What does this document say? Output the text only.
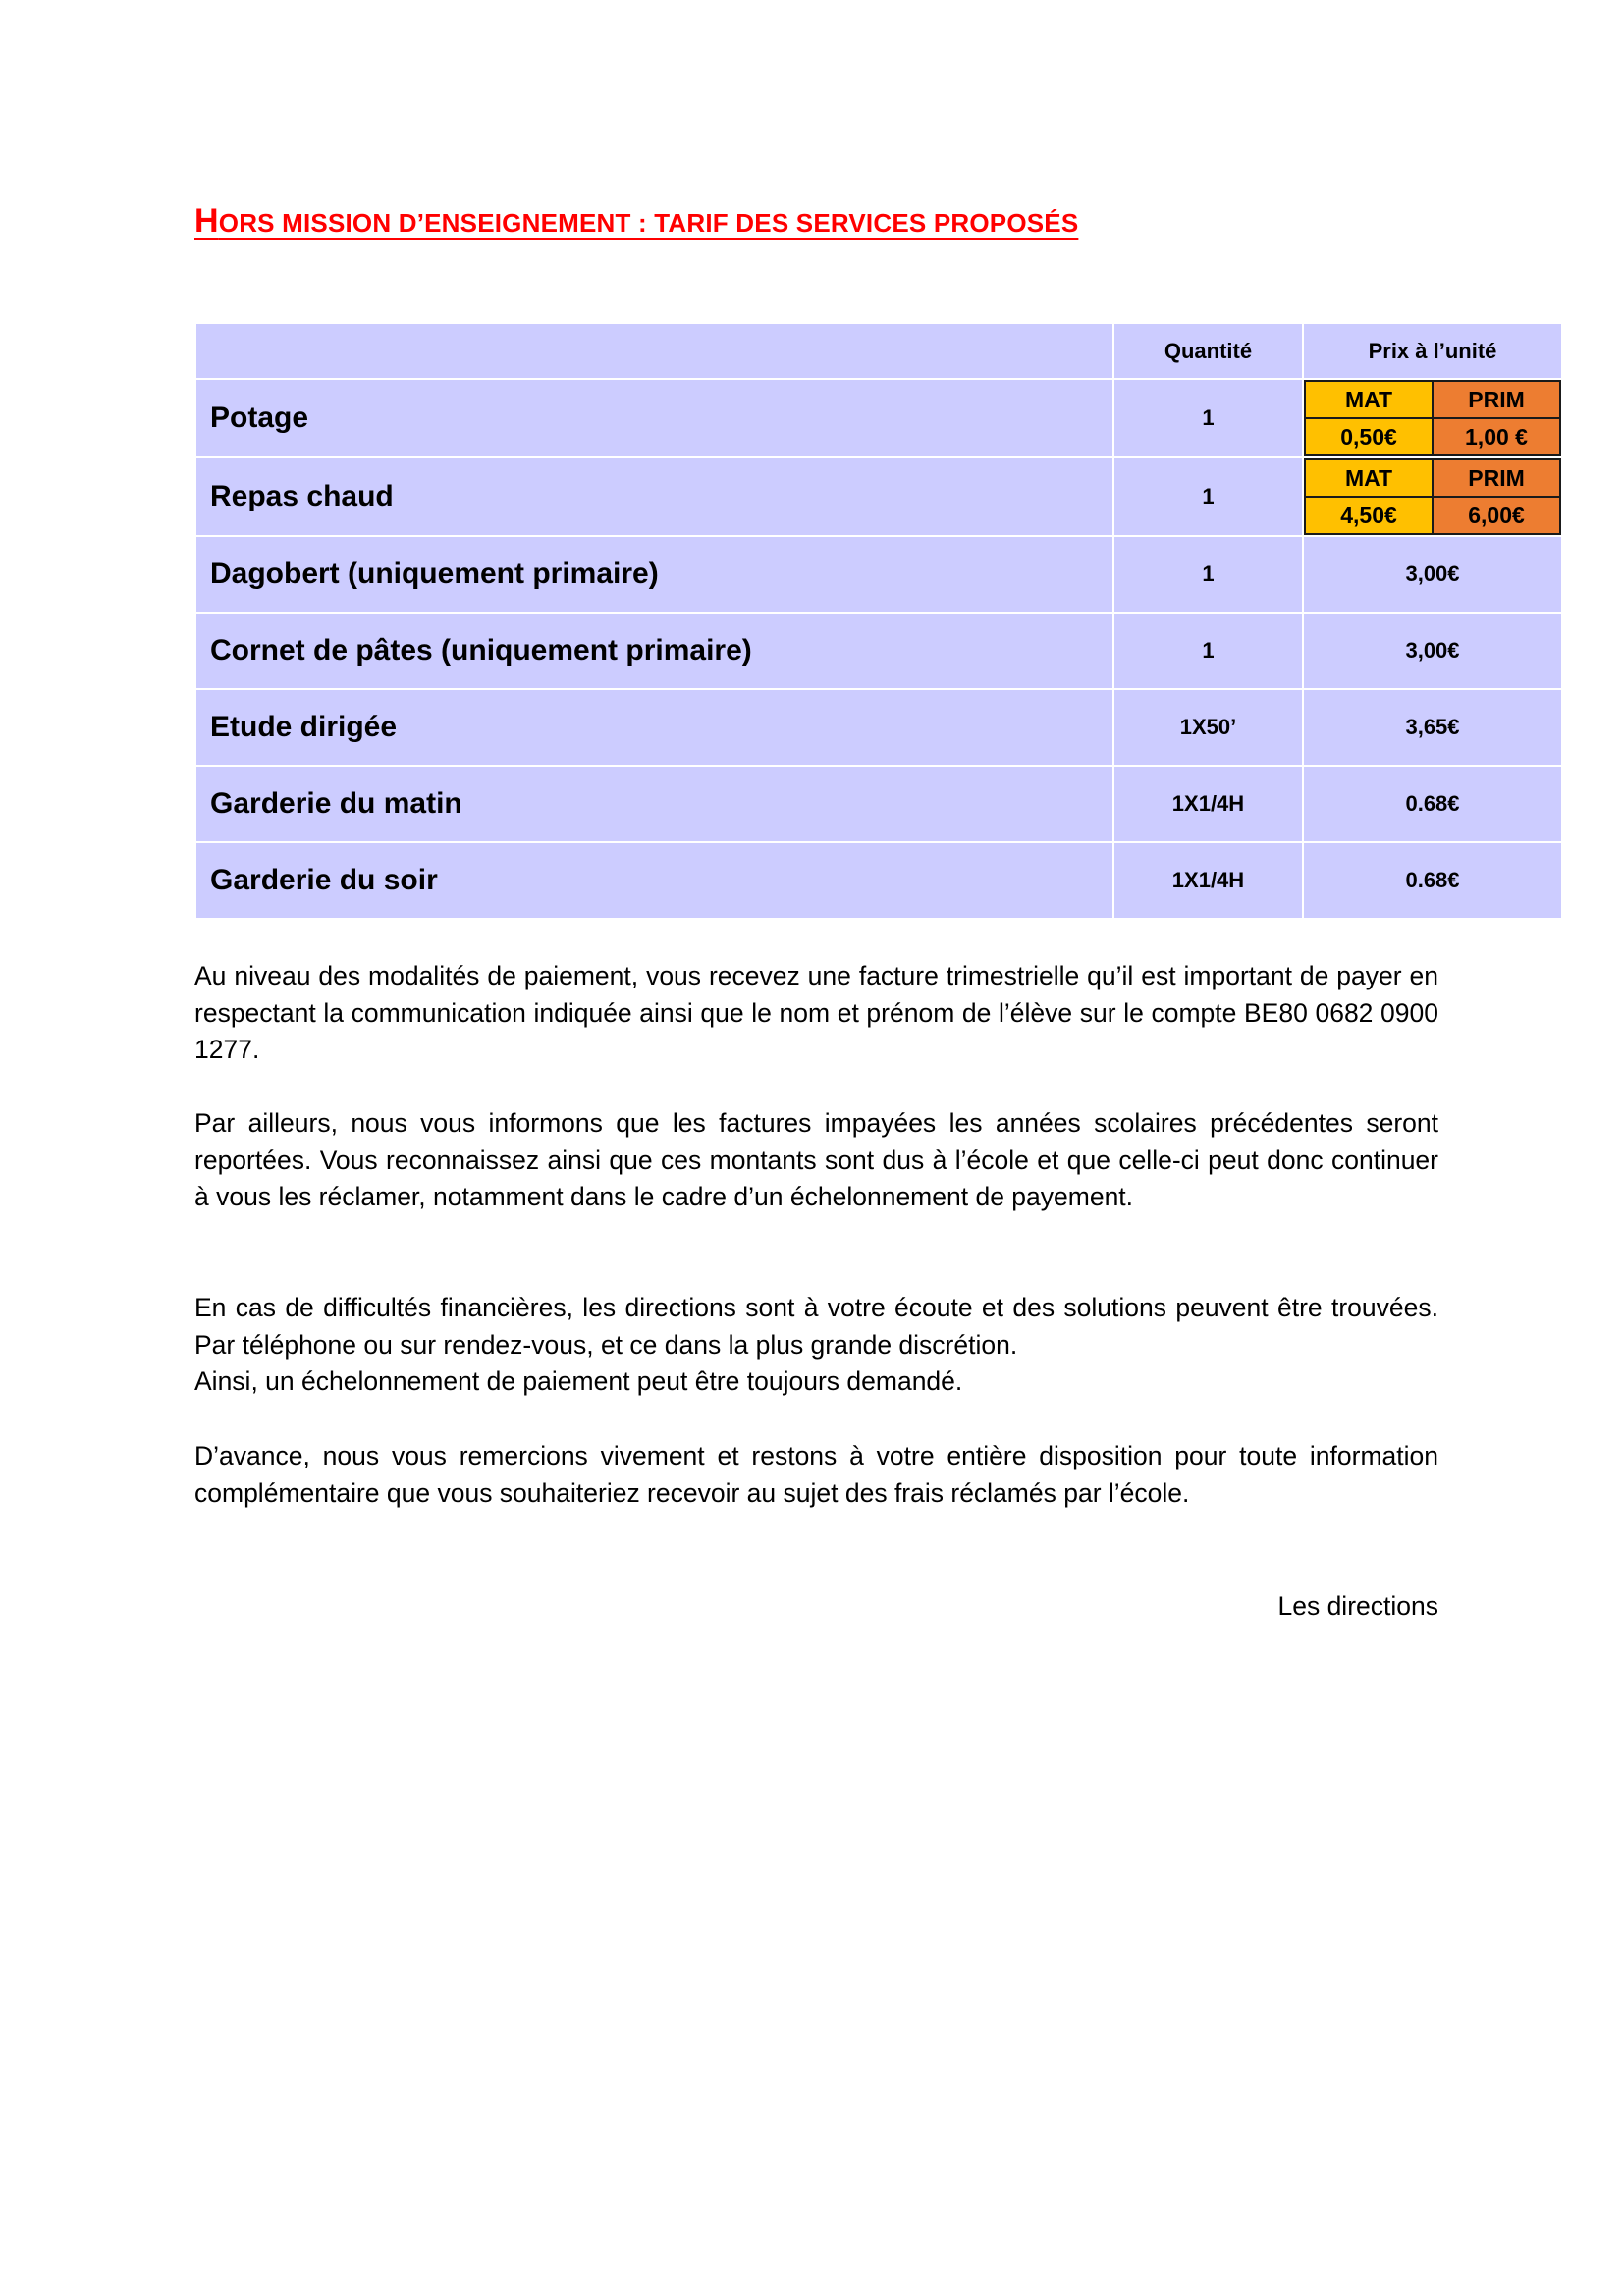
HORS MISSION D’ENSEIGNEMENT : TARIF DES SERVICES PROPOSÉS
	Quantité	Prix à l’unité
Potage	1	
MAT	PRIM
0,50€	1,00 €

Repas chaud	1	
MAT	PRIM
4,50€	6,00€

Dagobert (uniquement primaire)	1	3,00€
Cornet de pâtes (uniquement primaire)	1	3,00€
Etude dirigée	1X50’	3,65€
Garderie du matin	1X1/4H	0.68€
Garderie du soir	1X1/4H	0.68€

Au niveau des modalités de paiement, vous recevez une facture trimestrielle qu’il est important de payer en respectant la communication indiquée ainsi que le nom et prénom de l’élève sur le compte BE80 0682 0900 1277.

Par ailleurs, nous vous informons que les factures impayées les années scolaires précédentes seront reportées. Vous reconnaissez ainsi que ces montants sont dus à l’école et que celle-ci peut donc continuer à vous les réclamer, notamment dans le cadre d’un échelonnement de payement.

En cas de difficultés financières, les directions sont à votre écoute et des solutions peuvent être trouvées. Par téléphone ou sur rendez-vous, et ce dans la plus grande discrétion.

Ainsi, un échelonnement de paiement peut être toujours demandé.

D’avance, nous vous remercions vivement et restons à votre entière disposition pour toute information complémentaire que vous souhaiteriez recevoir au sujet des frais réclamés par l’école.

Les directions
